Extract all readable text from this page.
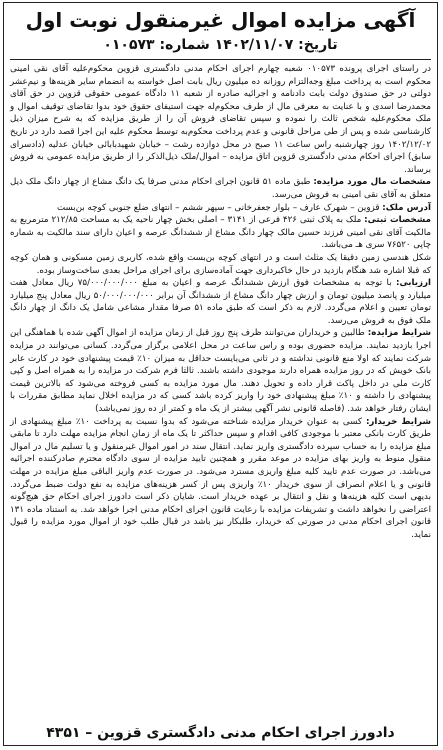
آگهی مزایده اموال غیرمنقول نوبت اول
تاریخ: ۱۴۰۲/۱۱/۰۷ شماره: ۰۱۰۵۷۳

در راستای اجرای پرونده ۰۱۰۵۷۳ شعبه چهارم اجرای احکام مدنی دادگستری قزوین محکوم‌علیه آقای نقی امینی محکوم است به پرداخت مبلغ وجه‌التزام روزانه ده میلیون ریال بابت اصل خواسته به انضمام سایر هزینه‌ها و نیم‌عشر دولتی در حق صندوق دولت بابت دادنامه و اجرائیه صادره از شعبه ۱۱ دادگاه عمومی حقوقی قزوین در حق آقای محمدرضا اسدی و با عنایت به معرفی مال از طرف محکوم‌له جهت استیفای حقوق خود بدوا تقاضای توقیف اموال و ملک محکوم‌علیه شخص ثالث را نموده و سپس تقاضای فروش آن را از طریق مزایده که به شرح میزان ذیل کارشناسی شده و پس از طی مراحل قانونی و عدم پرداخت محکوم‌به توسط محکوم علیه این اجرا قصد دارد در تاریخ ۱۴۰۲/۱۲/۰۲ روز چهارشنبه راس ساعت ۱۱ صبح در محل دوازده رشت – خیابان شهیدبابائی خیابان عدلیه (دادسرای سابق) اجرای احکام مدنی دادگستری قزوین اتاق مزایده – اموال/ملک ذیل‌الذکر را از طریق مزایده عمومی به فروش برساند.

مشخصات مال مورد مزایده: طبق ماده ۵۱ قانون اجرای احکام مدنی صرفا یک دانگ مشاع از چهار دانگ ملک ذیل متعلق به آقای نقی امینی به فروش می‌رسد.

آدرس ملک: قزوین – شهرک عارف – بلوار جعفرخانی – سپهر ششم – انتهای ضلع جنوبی کوچه بن‌بست

مشخصات ثبتی: ملک به پلاک ثبتی ۴۲۶ فرعی از ۳۱۴۱ – اصلی بخش چهار ناحیه یک به مساحت ۲۱۲/۸۵ مترمربع به مالکیت آقای نقی امینی فرزند حسین مالک چهار دانگ مشاع از ششدانگ عرصه و اعیان دارای سند مالکیت به شماره چاپی ۷۶۵۲۰ سری هـ می‌باشد.

شکل هندسی زمین دقیقا یک مثلث است و در انتهای کوچه بن‌بست واقع شده، کاربری زمین مسکونی و همان کوچه که قبلا اشاره شد هنگام بازدید در حال خاکبرداری جهت آماده‌سازی برای اجرای مراحل بعدی ساخت‌وساز بوده.

ارزیابی: با توجه به مشخصات فوق ارزش ششدانگ عرصه و اعیان به مبلغ ۷۵/۰۰۰/۰۰۰/۰۰۰ ریال معادل هفت میلیارد و پانصد میلیون تومان و ارزش چهار دانگ مشاع از ششدانگ آن برابر ۵۰/۰۰۰/۰۰۰/۰۰۰ ریال معادل پنج میلیارد تومان تعیین و اعلام می‌گردد. لازم به ذکر است که طبق ماده ۵۱ صرفا مقدار مشاعی شامل یک دانگ از چهار دانگ ملک فوق به فروش می‌رسد.

شرایط مزایده: طالبین و خریداران می‌توانند ظرف پنج روز قبل از زمان مزایده از اموال آگهی شده با هماهنگی این اجرا بازدید نمایند. مزایده حضوری بوده و راس ساعت در محل اعلامی برگزار می‌گردد. کسانی می‌توانند در مزایده شرکت نمایند که اولا منع قانونی نداشته و در ثانی می‌بایست حداقل به میزان ۱۰٪ قیمت پیشنهادی خود در کارت عابر بانک خویش که در روز مزایده همراه دارند موجودی داشته باشند. ثالثا فرم شرکت در مزایده را به همراه اصل و کپی کارت ملی در داخل پاکت قرار داده و تحویل دهند. مال مورد مزایده به کسی فروخته می‌شود که بالاترین قیمت پیشنهادی را داشته و ۱۰٪ مبلغ پیشنهادی خود را واریز کرده باشد کسی که در مزایده اخلال نماید مطابق مقررات با ایشان رفتار خواهد شد. (فاصله قانونی نشر آگهی بیشتر از یک ماه و کمتر از ده روز نمی‌باشد)

شرایط خریدار: کسی به عنوان خریدار مزایده شناخته می‌شود که بدوا نسبت به پرداخت ۱۰٪ مبلغ پیشنهادی از طریق کارت بانکی معتبر با موجودی کافی اقدام و سپس حداکثر تا یک ماه از زمان انجام مزایده مهلت دارد تا مابقی مبلغ مزایده را به حساب سپرده دادگستری واریز نماید. انتقال سند در امور اموال غیرمنقول و یا تسلیم مال در اموال منقول منوط به واریز بهای مزایده در موعد مقرر و همچنین تایید مزایده از سوی دادگاه محترم صادرکننده اجرائیه می‌باشد. در صورت عدم تایید کلیه مبلغ واریزی مسترد می‌شود. در صورت عدم واریز الباقی مبلغ مزایده در مهلت قانونی و یا اعلام انصراف از سوی خریدار ۱۰٪ واریزی پس از کسر هزینه‌های مزایده به نفع دولت ضبط می‌گردد. بدیهی است کلیه هزینه‌ها و نقل و انتقال بر عهده خریدار است. شایان ذکر است دادورز اجرای احکام حق هیچ‌گونه اعتراضی را نخواهد داشت و تشریفات مزایده با رعایت قانون اجرای احکام مدنی اجرا خواهد شد. به استناد ماده ۱۳۱ قانون اجرای احکام مدنی در صورتی که خریدار، طلبکار نیز باشد در قبال طلب خود از اموال مورد مزایده را قبول نماید.

دادورز اجرای احکام مدنی دادگستری قزوین – ۴۳۵۱
